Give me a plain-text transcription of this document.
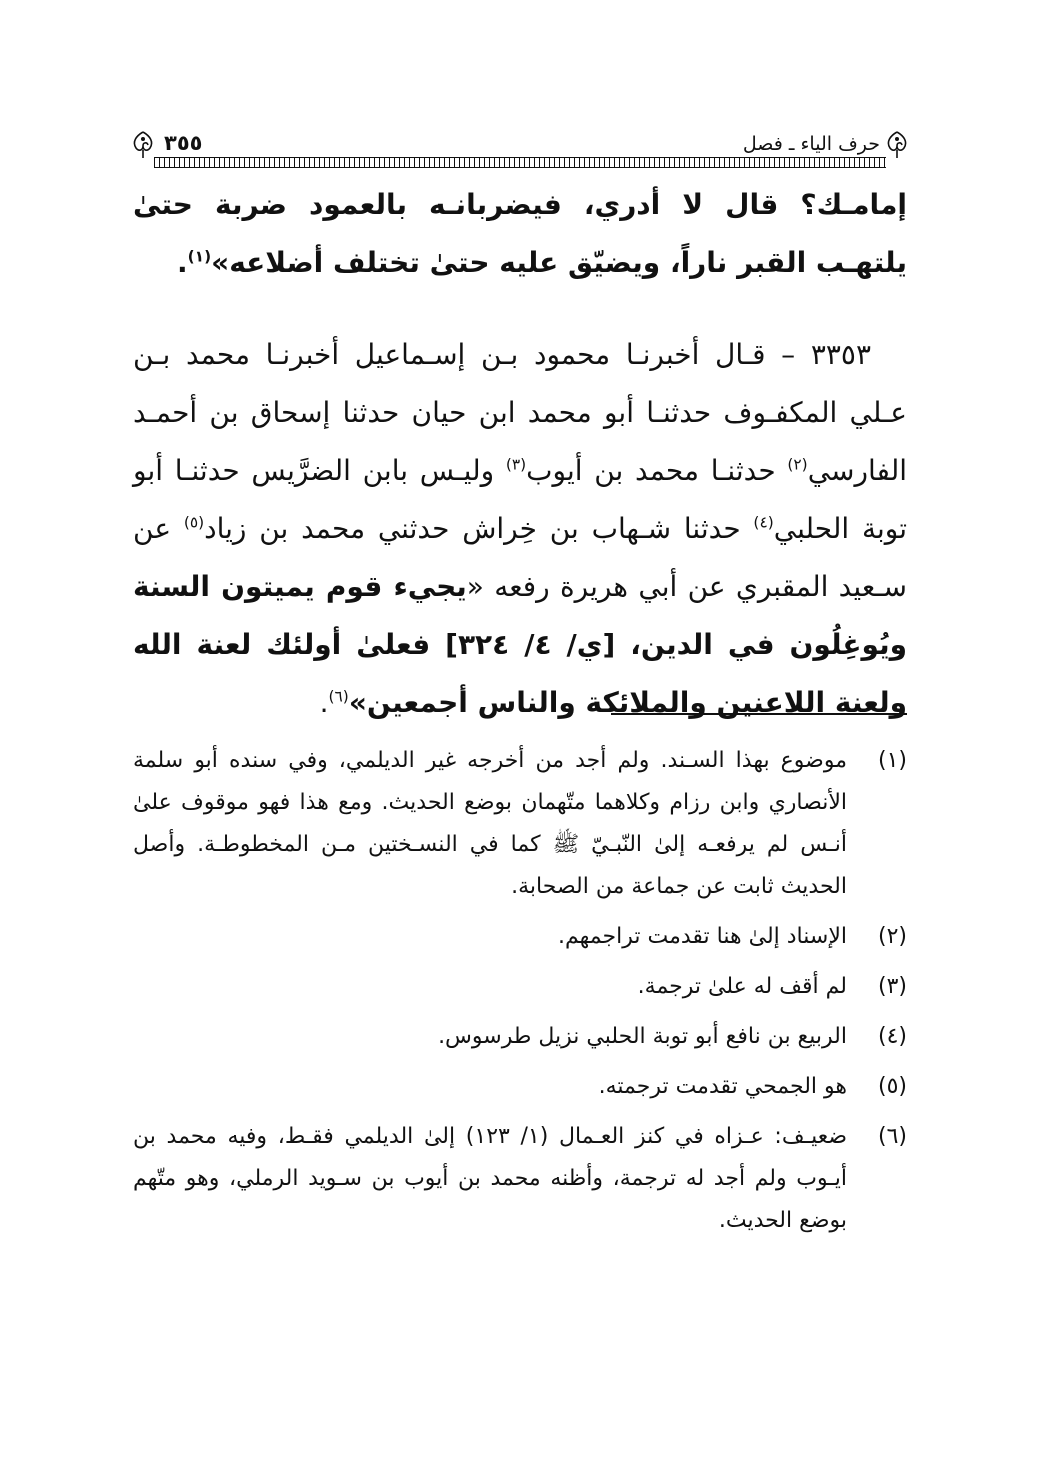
حرف الياء ـ فصل
٣٥٥

إمامـك؟ قال لا أدري، فيضربانـه بالعمود ضربة حتىٰ يلتهـب القبر ناراً، ويضيّق عليه حتىٰ تختلف أضلاعه»$^{(١)}$.

٣٣٥٣ – قـال أخبرنـا محمود بـن إسـماعيل أخبرنـا محمد بـن عـلي المكفـوف حدثنـا أبو محمد ابن حيان حدثنا إسحاق بن أحمـد الفارسي$^{(٢)}$ حدثنـا محمد بن أيوب$^{(٣)}$ وليـس بابن الضرَّيس حدثنـا أبو توبة الحلبي$^{(٤)}$ حدثنا شـهاب بن خِراش حدثني محمد بن زياد$^{(٥)}$ عن سـعيد المقبري عن أبي هريرة رفعه «يجيء قوم يميتون السنة ويُوغِلُون في الدين، [ي/ ٤/ ٣٢٤] فعلىٰ أولئك لعنة الله ولعنة اللاعنين والملائكة والناس أجمعين»$^{(٦)}$.

(١)
موضوع بهذا السـند. ولم أجد من أخرجه غير الديلمي، وفي سنده أبو سلمة الأنصاري وابن رزام وكلاهما متّهمان بوضع الحديث. ومع هذا فهو موقوف علىٰ أنـس لم يرفعـه إلىٰ النّبـيّ ﷺ كما في النسـختين مـن المخطوطـة. وأصل الحديث ثابت عن جماعة من الصحابة.
(٢)
الإسناد إلىٰ هنا تقدمت تراجمهم.
(٣)
لم أقف له علىٰ ترجمة.
(٤)
الربيع بن نافع أبو توبة الحلبي نزيل طرسوس.
(٥)
هو الجمحي تقدمت ترجمته.
(٦)
ضعيـف: عـزاه في كنز العـمال (١/ ١٢٣) إلىٰ الديلمي فقـط، وفيه محمد بن أيـوب ولم أجد له ترجمة، وأظنه محمد بن أيوب بن سـويد الرملي، وهو متّهم بوضع الحديث.
